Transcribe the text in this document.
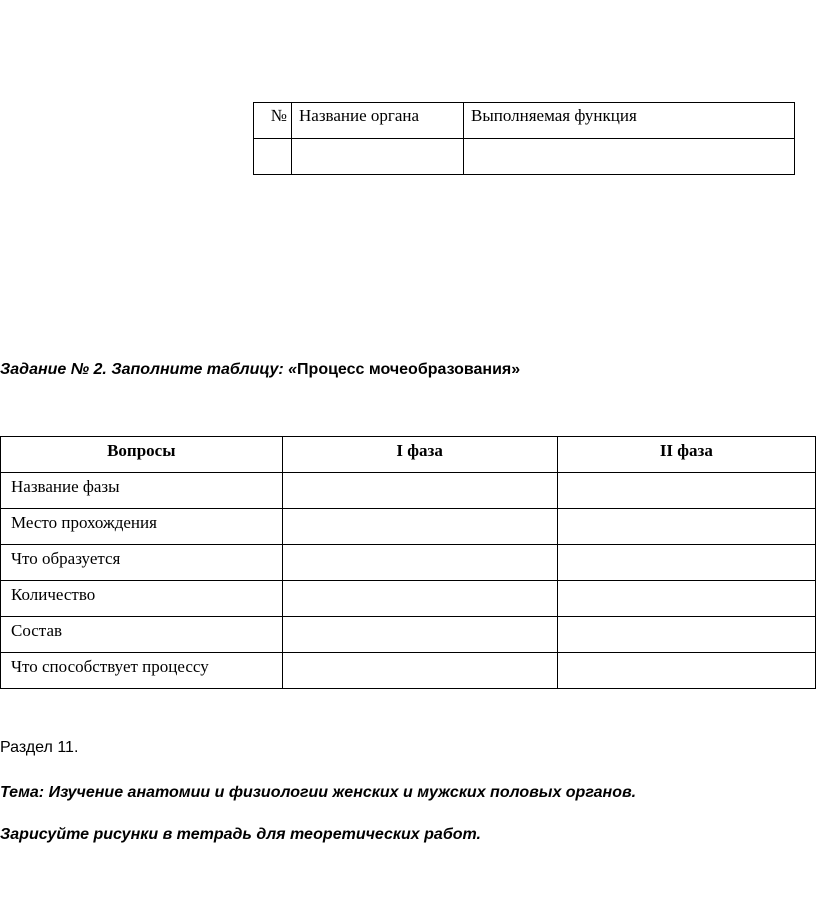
№	Название органа	Выполняемая функция

Задание № 2. Заполните таблицу: «Процесс мочеобразования»
Вопросы	I фаза	II фаза
Название фазы		
Место прохождения		
Что образуется		
Количество		
Состав		
Что способствует процессу		
Раздел 11.
Тема: Изучение анатомии и физиологии женских и мужских половых органов.
Зарисуйте рисунки в тетрадь для теоретических работ.
